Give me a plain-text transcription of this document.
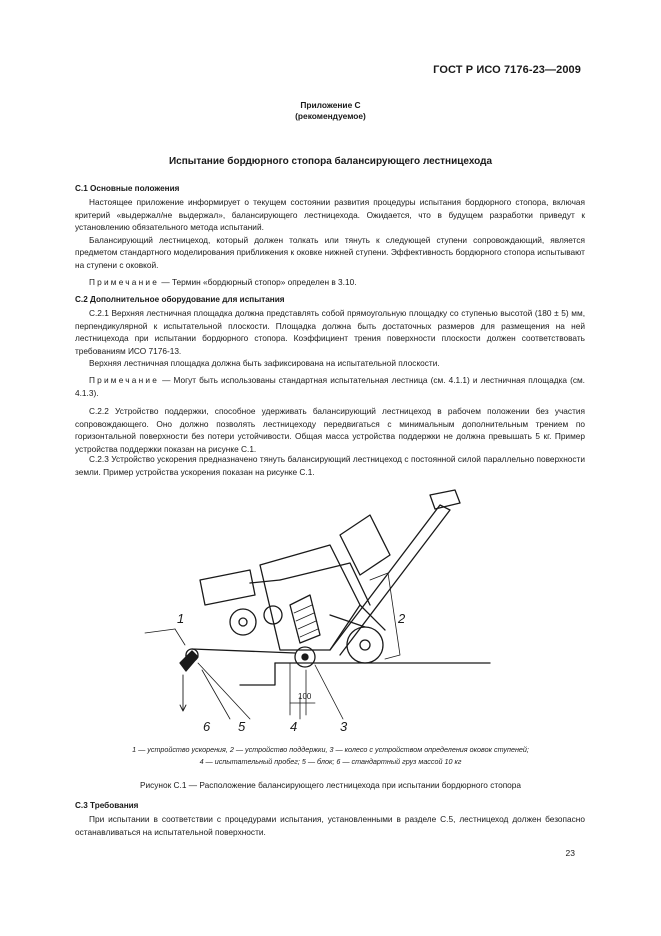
ГОСТ Р ИСО 7176-23—2009
Приложение С
(рекомендуемое)
Испытание бордюрного стопора балансирующего лестницехода
С.1 Основные положения

Настоящее приложение информирует о текущем состоянии развития процедуры испытания бордюрного стопора, включая критерий «выдержал/не выдержал», балансирующего лестницехода. Ожидается, что в будущем разработки приведут к установлению обязательного метода испытаний.

Балансирующий лестницеход, который должен толкать или тянуть к следующей ступени сопровождающий, является предметом стандартного моделирования приближения к оковке нижней ступени. Эффективность бордюрного стопора испытывают на ступени с оковкой.

Примечание — Термин «бордюрный стопор» определен в 3.10.

С.2 Дополнительное оборудование для испытания

С.2.1 Верхняя лестничная площадка должна представлять собой прямоугольную площадку со ступенью высотой (180 ± 5) мм, перпендикулярной к испытательной плоскости. Площадка должна быть достаточных размеров для размещения на ней лестницехода при испытании бордюрного стопора. Коэффициент трения поверхности плоскости должен соответствовать требованиям ИСО 7176-13.

Верхняя лестничная площадка должна быть зафиксирована на испытательной плоскости.

Примечание — Могут быть использованы стандартная испытательная лестница (см. 4.1.1) и лестничная площадка (см. 4.1.3).

С.2.2 Устройство поддержки, способное удерживать балансирующий лестницеход в рабочем положении без участия сопровождающего. Оно должно позволять лестницеходу передвигаться с минимальным дополнительным трением по горизонтальной поверхности без потери устойчивости. Общая масса устройства поддержки не должна превышать 5 кг. Пример устройства поддержки показан на рисунке С.1.

С.2.3 Устройство ускорения предназначено тянуть балансирующий лестницеход с постоянной силой параллельно поверхности земли. Пример устройства ускорения показан на рисунке С.1.

1	2
3
4
5
6
100
1 — устройство ускорения, 2 — устройство поддержки, 3 — колесо с устройством определения оковок ступеней;
4 — испытательный пробег; 5 — блок; 6 — стандартный груз массой 10 кг
Рисунок С.1 — Расположение балансирующего лестницехода при испытании бордюрного стопора
С.3 Требования

При испытании в соответствии с процедурами испытания, установленными в разделе С.5, лестницеход должен безопасно останавливаться на испытательной поверхности.

23
